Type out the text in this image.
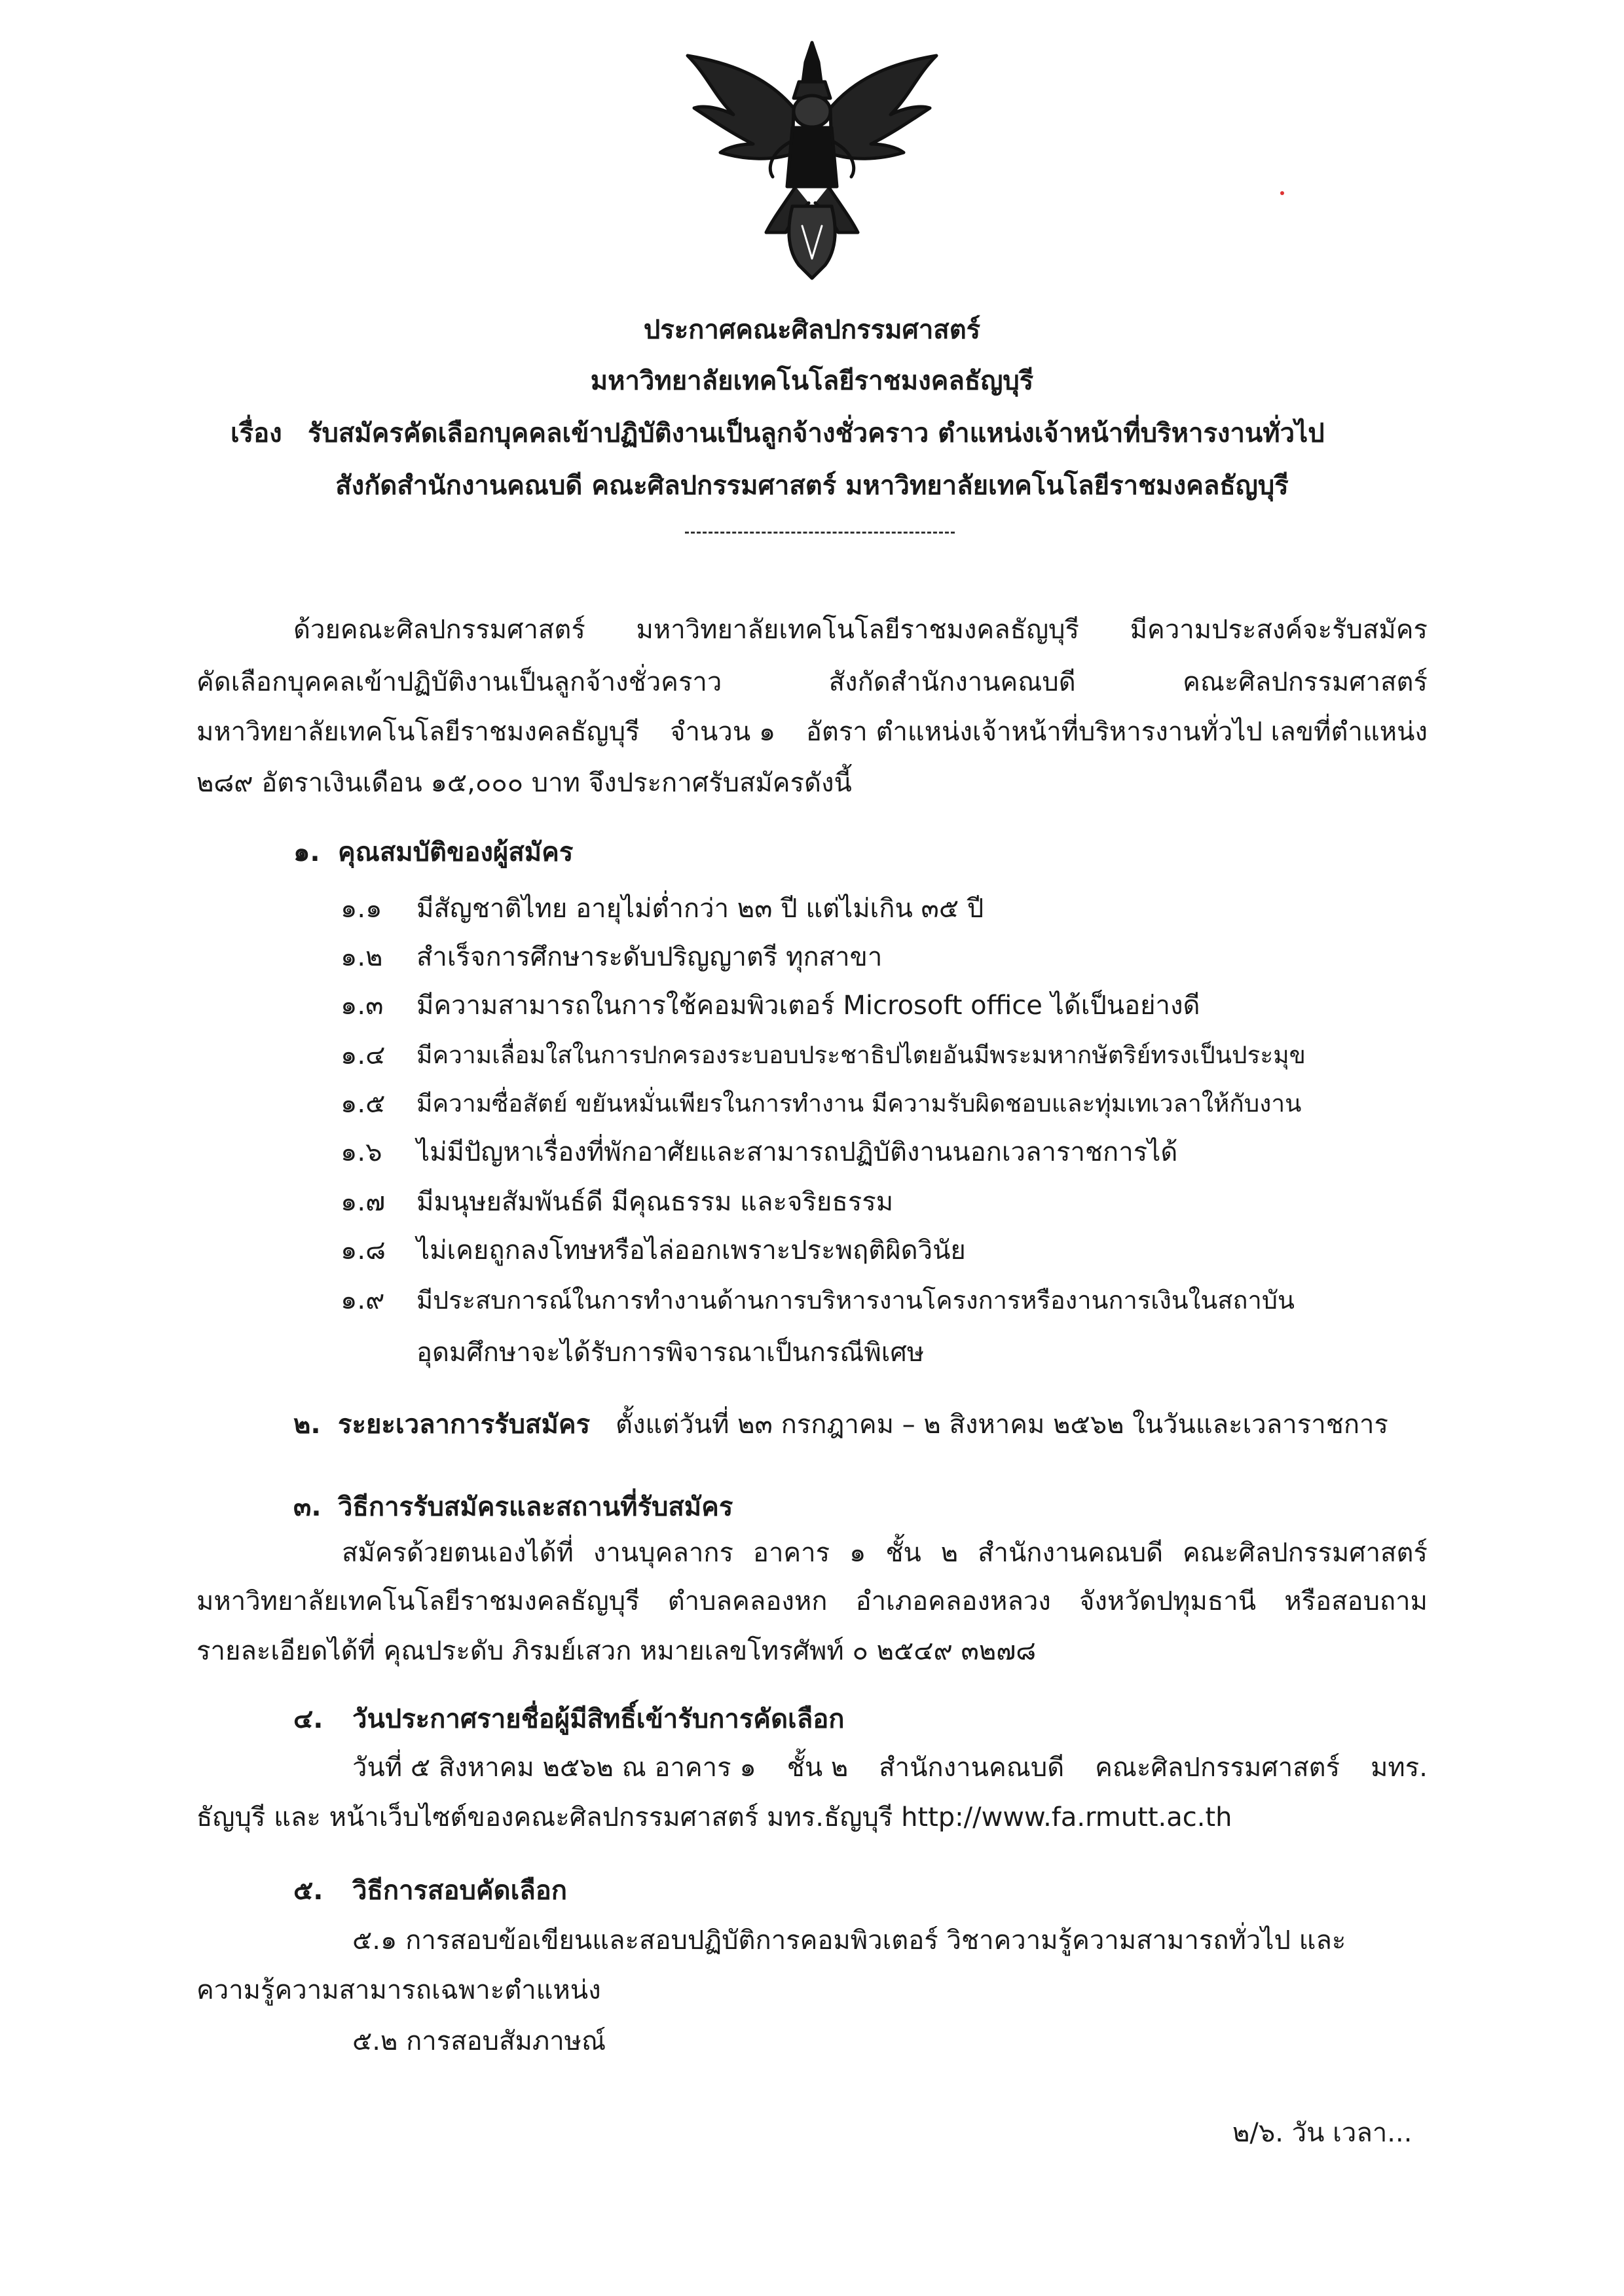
ประกาศคณะศิลปกรรมศาสตร์
มหาวิทยาลัยเทคโนโลยีราชมงคลธัญบุรี
เรื่อง รับสมัครคัดเลือกบุคคลเข้าปฏิบัติงานเป็นลูกจ้างชั่วคราว ตำแหน่งเจ้าหน้าที่บริหารงานทั่วไป
สังกัดสำนักงานคณบดี คณะศิลปกรรมศาสตร์ มหาวิทยาลัยเทคโนโลยีราชมงคลธัญบุรี
ด้วยคณะศิลปกรรมศาสตร์ มหาวิทยาลัยเทคโนโลยีราชมงคลธัญบุรี มีความประสงค์จะรับสมัคร
คัดเลือกบุคคลเข้าปฏิบัติงานเป็นลูกจ้างชั่วคราว	สังกัดสำนักงานคณบดี	คณะศิลปกรรมศาสตร์
มหาวิทยาลัยเทคโนโลยีราชมงคลธัญบุรี จำนวน ๑ อัตรา ตำแหน่งเจ้าหน้าที่บริหารงานทั่วไป เลขที่ตำแหน่ง
๒๘๙ อัตราเงินเดือน ๑๕,๐๐๐ บาท จึงประกาศรับสมัครดังนี้
๑. คุณสมบัติของผู้สมัคร
๑.๑ มีสัญชาติไทย อายุไม่ต่ำกว่า ๒๓ ปี แต่ไม่เกิน ๓๕ ปี
๑.๒ สำเร็จการศึกษาระดับปริญญาตรี ทุกสาขา
๑.๓ มีความสามารถในการใช้คอมพิวเตอร์ Microsoft office ได้เป็นอย่างดี
๑.๔ มีความเลื่อมใสในการปกครองระบอบประชาธิปไตยอันมีพระมหากษัตริย์ทรงเป็นประมุข
๑.๕ มีความซื่อสัตย์ ขยันหมั่นเพียรในการทำงาน มีความรับผิดชอบและทุ่มเทเวลาให้กับงาน
๑.๖ ไม่มีปัญหาเรื่องที่พักอาศัยและสามารถปฏิบัติงานนอกเวลาราชการได้
๑.๗ มีมนุษยสัมพันธ์ดี มีคุณธรรม และจริยธรรม
๑.๘ ไม่เคยถูกลงโทษหรือไล่ออกเพราะประพฤติผิดวินัย
๑.๙ มีประสบการณ์ในการทำงานด้านการบริหารงานโครงการหรืองานการเงินในสถาบัน
อุดมศึกษาจะได้รับการพิจารณาเป็นกรณีพิเศษ
๒. ระยะเวลาการรับสมัคร ตั้งแต่วันที่ ๒๓ กรกฎาคม – ๒ สิงหาคม ๒๕๖๒ ในวันและเวลาราชการ
๓. วิธีการรับสมัครและสถานที่รับสมัคร
สมัครด้วยตนเองได้ที่ งานบุคลากร อาคาร ๑ ชั้น ๒ สำนักงานคณบดี คณะศิลปกรรมศาสตร์
มหาวิทยาลัยเทคโนโลยีราชมงคลธัญบุรี ตำบลคลองหก อำเภอคลองหลวง จังหวัดปทุมธานี หรือสอบถาม
รายละเอียดได้ที่ คุณประดับ ภิรมย์เสวก หมายเลขโทรศัพท์ ๐ ๒๕๔๙ ๓๒๗๘
๔. วันประกาศรายชื่อผู้มีสิทธิ์เข้ารับการคัดเลือก
วันที่ ๕ สิงหาคม ๒๕๖๒ ณ อาคาร ๑ ชั้น ๒ สำนักงานคณบดี คณะศิลปกรรมศาสตร์ มทร.
ธัญบุรี และ หน้าเว็บไซต์ของคณะศิลปกรรมศาสตร์ มทร.ธัญบุรี http://www.fa.rmutt.ac.th
๕. วิธีการสอบคัดเลือก
๕.๑ การสอบข้อเขียนและสอบปฏิบัติการคอมพิวเตอร์ วิชาความรู้ความสามารถทั่วไป และ
ความรู้ความสามารถเฉพาะตำแหน่ง
๕.๒ การสอบสัมภาษณ์
๒/๖. วัน เวลา...
